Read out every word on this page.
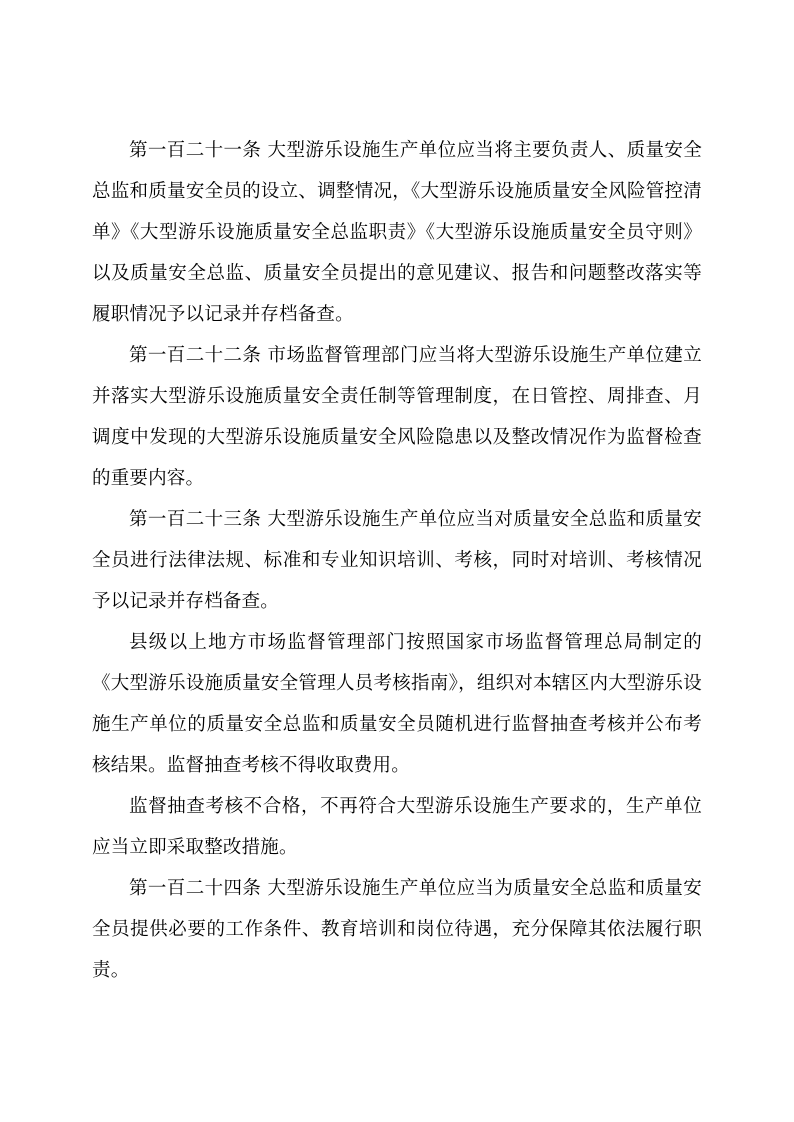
第一百二十一条 大型游乐设施生产单位应当将主要负责人、质量安全总监和质量安全员的设立、调整情况，《大型游乐设施质量安全风险管控清单》《大型游乐设施质量安全总监职责》《大型游乐设施质量安全员守则》以及质量安全总监、质量安全员提出的意见建议、报告和问题整改落实等履职情况予以记录并存档备查。

第一百二十二条 市场监督管理部门应当将大型游乐设施生产单位建立并落实大型游乐设施质量安全责任制等管理制度，在日管控、周排查、月调度中发现的大型游乐设施质量安全风险隐患以及整改情况作为监督检查的重要内容。

第一百二十三条 大型游乐设施生产单位应当对质量安全总监和质量安全员进行法律法规、标准和专业知识培训、考核，同时对培训、考核情况予以记录并存档备查。

县级以上地方市场监督管理部门按照国家市场监督管理总局制定的《大型游乐设施质量安全管理人员考核指南》，组织对本辖区内大型游乐设施生产单位的质量安全总监和质量安全员随机进行监督抽查考核并公布考核结果。监督抽查考核不得收取费用。

监督抽查考核不合格，不再符合大型游乐设施生产要求的，生产单位应当立即采取整改措施。

第一百二十四条 大型游乐设施生产单位应当为质量安全总监和质量安全员提供必要的工作条件、教育培训和岗位待遇，充分保障其依法履行职责。
